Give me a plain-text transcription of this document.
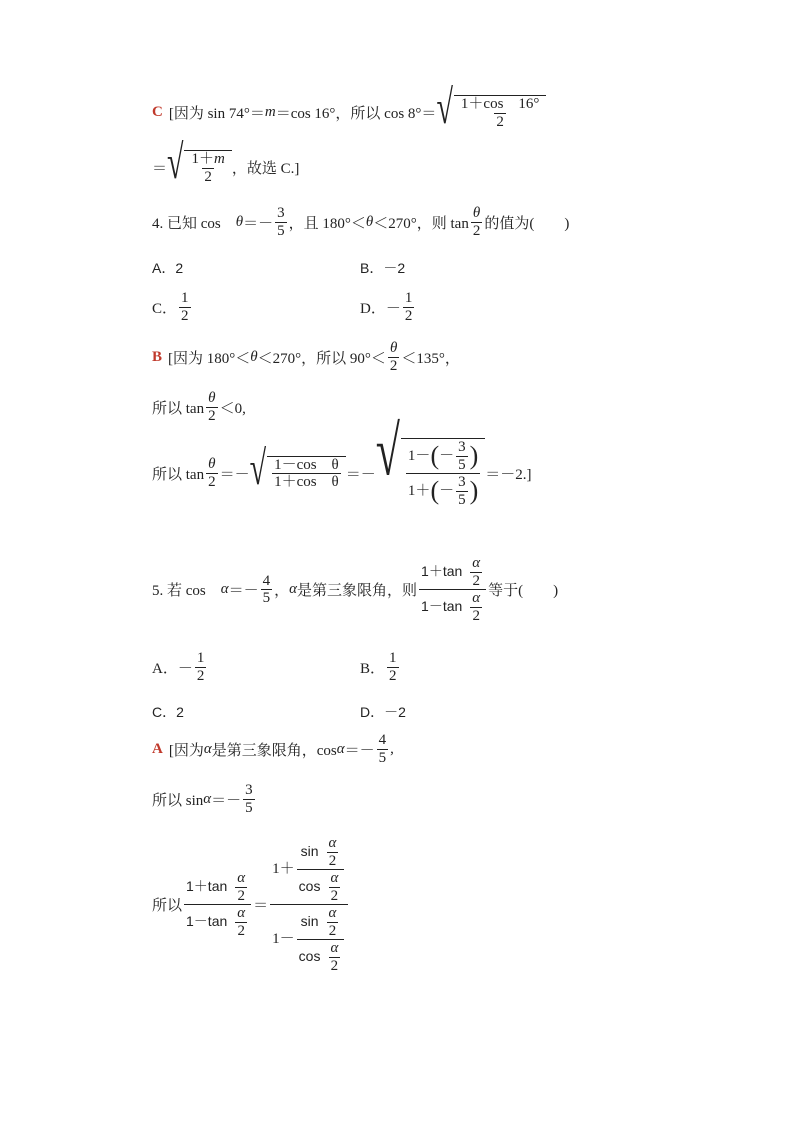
C [因为 sin 74°＝ m ＝cos 16°，所以 cos 8°＝ √ $\frac{1+\cos 16^\circ}{2}$
＝ √ $\frac{1+m}{2}$ ，故选 C.]
4. 已知 cos　 $\theta =- \frac{3}{5}$ ，且 180°＜ θ ＜270°，则 $\tan \frac{\theta}{2}$ 的值为(　　)
A．2	B．－2
C． $\frac{1}{2}$	D．－ $\frac{1}{2}$
B [因为 180°＜ θ ＜270°，所以 $90^\circ< \frac{\theta}{2} <135^\circ$，
所以 $\tan \frac{\theta}{2} <0$,
所以 $\tan \frac{\theta}{2}$ ＝－ √ $\frac{\text{1－cos　θ}}{\text{1＋cos　θ}}$ ＝－ √ $\frac{1- ( - \frac{3}{5} )}{1+ ( - \frac{3}{5} )} =-2$.]
5. 若 cos　 $\alpha =- \frac{4}{5}$ ， α 是第三象限角，则 $\frac{1+\tan \frac{\alpha}{2}}{1-\tan \frac{\alpha}{2}}$ 等于(　　)
A．－ $\frac{1}{2}$	B． $\frac{1}{2}$
C．2	D．－2
A [因为 α 是第三象限角，$\cos \alpha =- \frac{4}{5}$ ,
所以 $\sin \alpha =- \frac{3}{5}$
所以 $\frac{1+\tan \frac{\alpha}{2}}{1-\tan \frac{\alpha}{2}} = \frac{1+ \frac{\sin \frac{\alpha}{2}}{\cos \frac{\alpha}{2}}}{1- \frac{\sin \frac{\alpha}{2}}{\cos \frac{\alpha}{2}}}$
